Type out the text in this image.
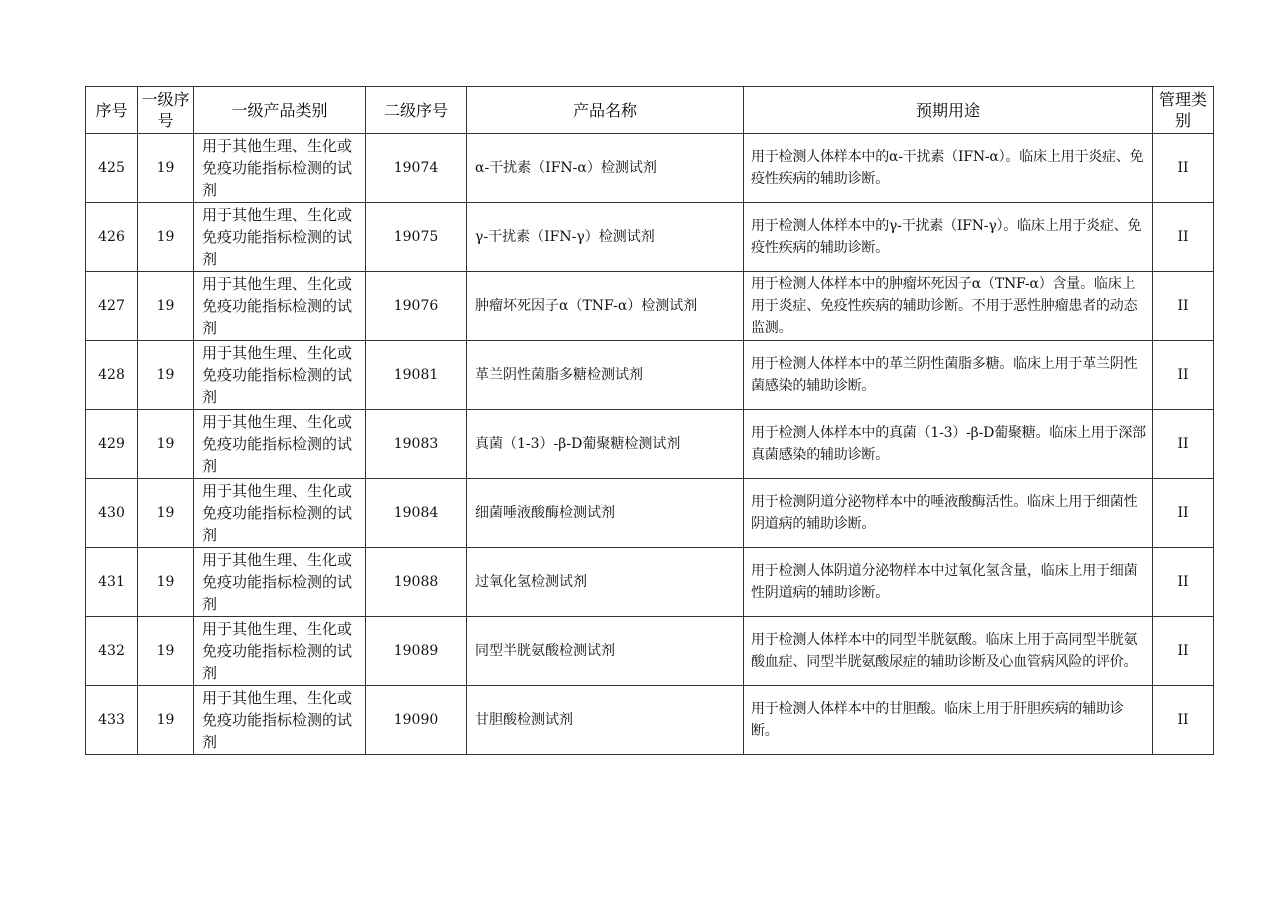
序号	一级序号	一级产品类别	二级序号	产品名称	预期用途	管理类别
425	19	用于其他生理、生化或免疫功能指标检测的试剂	19074	α-干扰素（IFN-α）检测试剂	用于检测人体样本中的α-干扰素（IFN-α）。临床上用于炎症、免疫性疾病的辅助诊断。	II
426	19	用于其他生理、生化或免疫功能指标检测的试剂	19075	γ-干扰素（IFN-γ）检测试剂	用于检测人体样本中的γ-干扰素（IFN-γ）。临床上用于炎症、免疫性疾病的辅助诊断。	II
427	19	用于其他生理、生化或免疫功能指标检测的试剂	19076	肿瘤坏死因子α（TNF-α）检测试剂	用于检测人体样本中的肿瘤坏死因子α（TNF-α）含量。临床上用于炎症、免疫性疾病的辅助诊断。不用于恶性肿瘤患者的动态监测。	II
428	19	用于其他生理、生化或免疫功能指标检测的试剂	19081	革兰阴性菌脂多糖检测试剂	用于检测人体样本中的革兰阴性菌脂多糖。临床上用于革兰阴性菌感染的辅助诊断。	II
429	19	用于其他生理、生化或免疫功能指标检测的试剂	19083	真菌（1-3）-β-D葡聚糖检测试剂	用于检测人体样本中的真菌（1-3）-β-D葡聚糖。临床上用于深部真菌感染的辅助诊断。	II
430	19	用于其他生理、生化或免疫功能指标检测的试剂	19084	细菌唾液酸酶检测试剂	用于检测阴道分泌物样本中的唾液酸酶活性。临床上用于细菌性阴道病的辅助诊断。	II
431	19	用于其他生理、生化或免疫功能指标检测的试剂	19088	过氧化氢检测试剂	用于检测人体阴道分泌物样本中过氧化氢含量，临床上用于细菌性阴道病的辅助诊断。	II
432	19	用于其他生理、生化或免疫功能指标检测的试剂	19089	同型半胱氨酸检测试剂	用于检测人体样本中的同型半胱氨酸。临床上用于高同型半胱氨酸血症、同型半胱氨酸尿症的辅助诊断及心血管病风险的评价。	II
433	19	用于其他生理、生化或免疫功能指标检测的试剂	19090	甘胆酸检测试剂	用于检测人体样本中的甘胆酸。临床上用于肝胆疾病的辅助诊断。	II
